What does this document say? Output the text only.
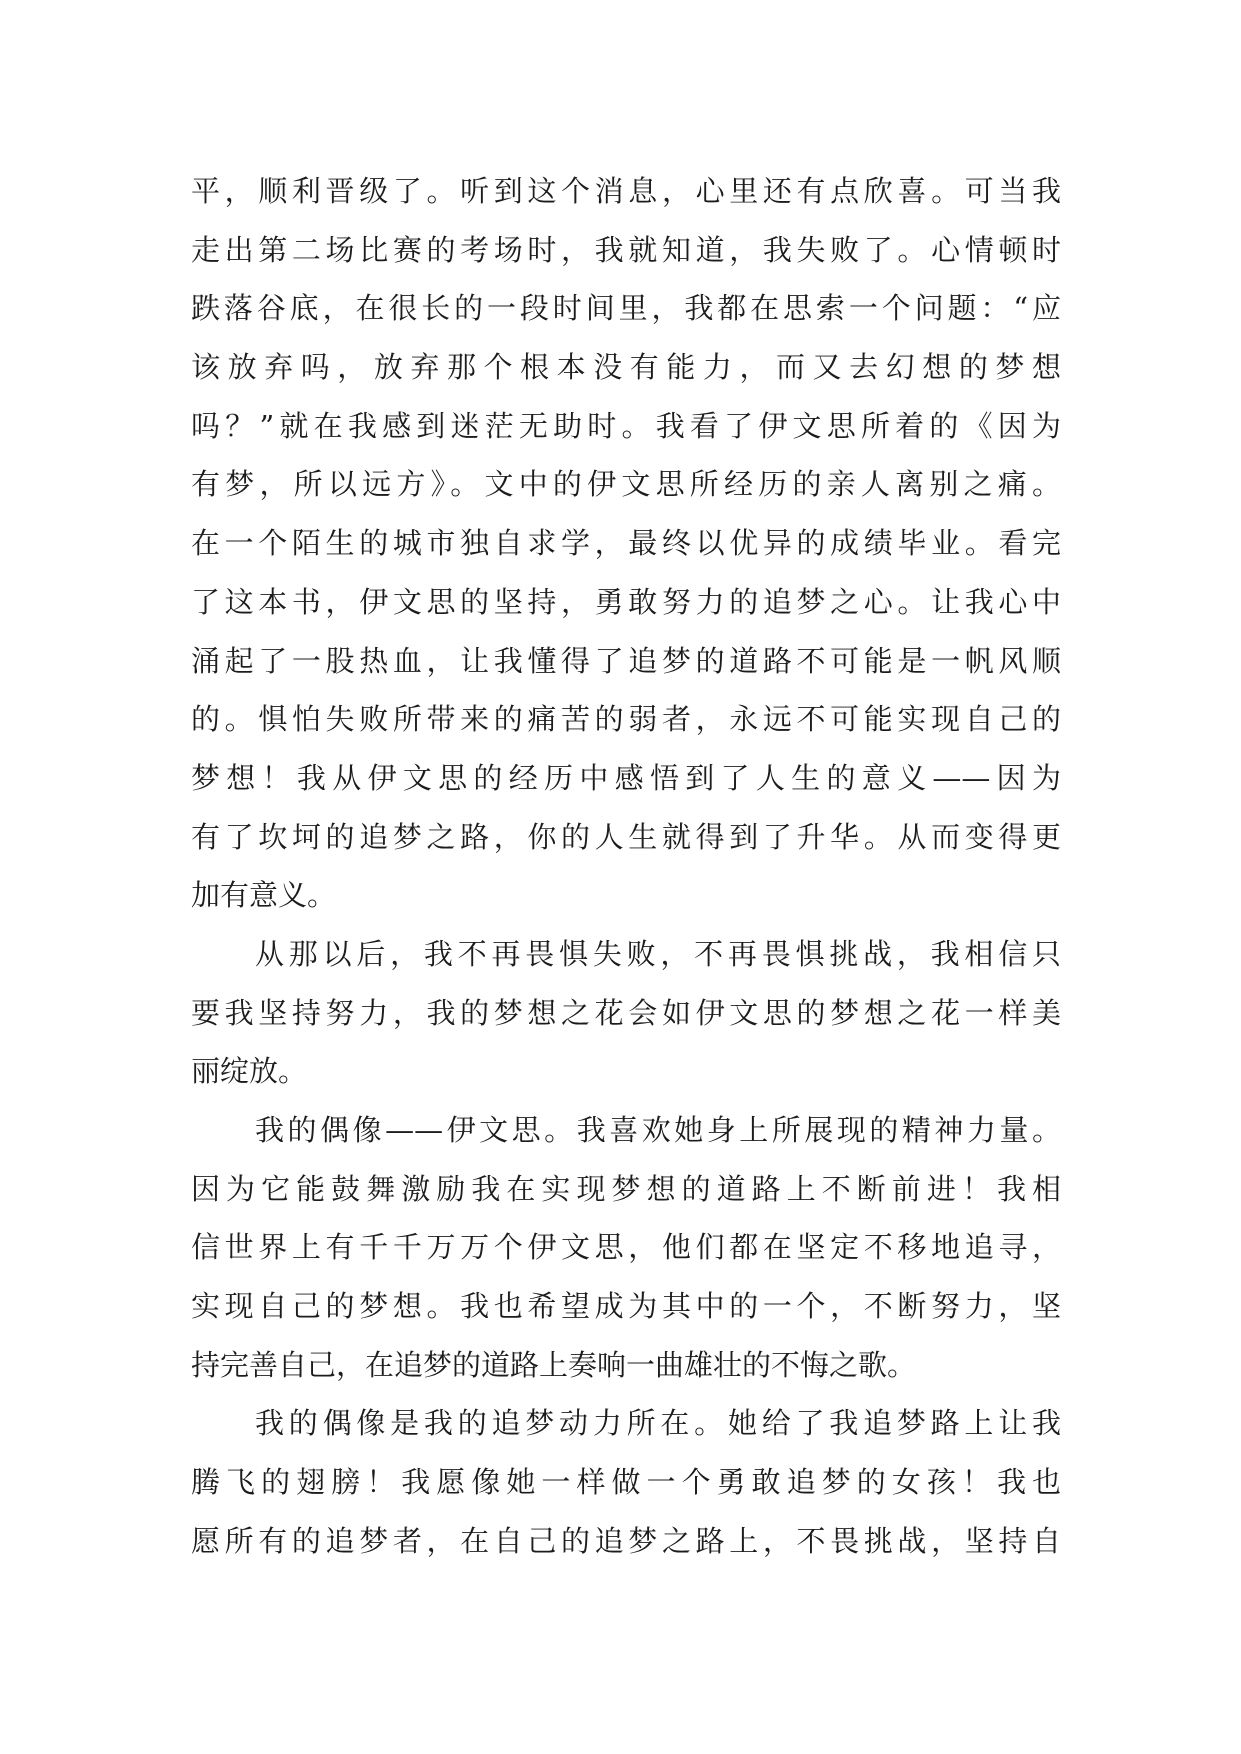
平，顺利晋级了。听到这个消息，心里还有点欣喜。可当我
走出第二场比赛的考场时，我就知道，我失败了。心情顿时
跌落谷底，在很长的一段时间里，我都在思索一个问题：“应
该放弃吗，放弃那个根本没有能力，而又去幻想的梦想
吗？”就在我感到迷茫无助时。我看了伊文思所着的《因为
有梦，所以远方》。文中的伊文思所经历的亲人离别之痛。
在一个陌生的城市独自求学，最终以优异的成绩毕业。看完
了这本书，伊文思的坚持，勇敢努力的追梦之心。让我心中
涌起了一股热血，让我懂得了追梦的道路不可能是一帆风顺
的。惧怕失败所带来的痛苦的弱者，永远不可能实现自己的
梦想！我从伊文思的经历中感悟到了人生的意义——因为
有了坎坷的追梦之路，你的人生就得到了升华。从而变得更
加有意义。
从那以后，我不再畏惧失败，不再畏惧挑战，我相信只
要我坚持努力，我的梦想之花会如伊文思的梦想之花一样美
丽绽放。
我的偶像——伊文思。我喜欢她身上所展现的精神力量。
因为它能鼓舞激励我在实现梦想的道路上不断前进！我相
信世界上有千千万万个伊文思，他们都在坚定不移地追寻，
实现自己的梦想。我也希望成为其中的一个，不断努力，坚
持完善自己，在追梦的道路上奏响一曲雄壮的不悔之歌。
我的偶像是我的追梦动力所在。她给了我追梦路上让我
腾飞的翅膀！我愿像她一样做一个勇敢追梦的女孩！我也
愿所有的追梦者，在自己的追梦之路上，不畏挑战，坚持自
